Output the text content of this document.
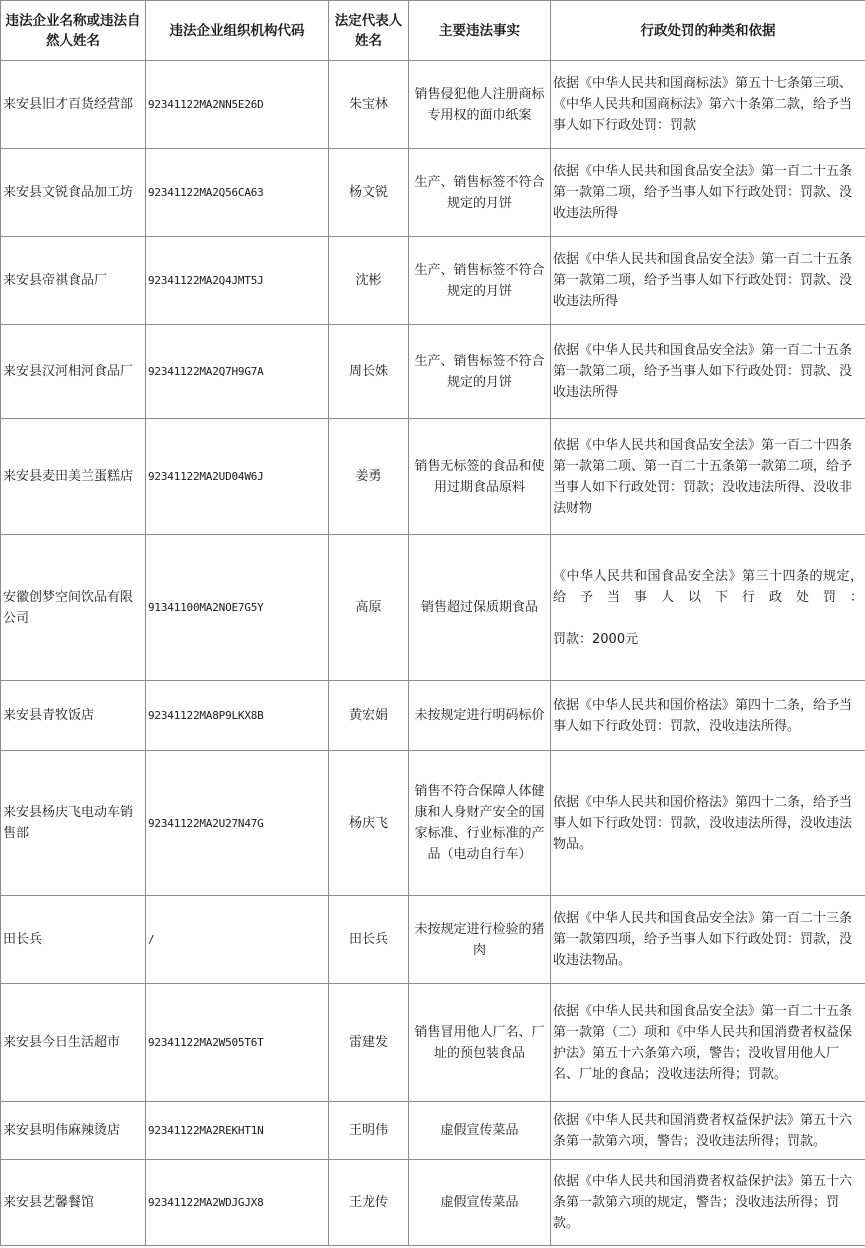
违法企业名称或违法自然人姓名	违法企业组织机构代码	法定代表人姓名	主要违法事实	行政处罚的种类和依据
来安县旧才百货经营部	92341122MA2NN5E26D	朱宝林	销售侵犯他人注册商标专用权的面巾纸案	依据《中华人民共和国商标法》第五十七条第三项、《中华人民共和国商标法》第六十条第二款，给予当事人如下行政处罚：罚款
来安县文锐食品加工坊	92341122MA2Q56CA63	杨文锐	生产、销售标签不符合规定的月饼	依据《中华人民共和国食品安全法》第一百二十五条第一款第二项，给予当事人如下行政处罚：罚款、没收违法所得
来安县帝祺食品厂	92341122MA2Q4JMT5J	沈彬	生产、销售标签不符合规定的月饼	依据《中华人民共和国食品安全法》第一百二十五条第一款第二项，给予当事人如下行政处罚：罚款、没收违法所得
来安县汉河相河食品厂	92341122MA2Q7H9G7A	周长姝	生产、销售标签不符合规定的月饼	依据《中华人民共和国食品安全法》第一百二十五条第一款第二项，给予当事人如下行政处罚：罚款、没收违法所得
来安县麦田美兰蛋糕店	92341122MA2UD04W6J	姜勇	销售无标签的食品和使用过期食品原料	依据《中华人民共和国食品安全法》第一百二十四条第一款第二项、第一百二十五条第一款第二项，给予当事人如下行政处罚：罚款；没收违法所得、没收非法财物
安徽创梦空间饮品有限公司	91341100MA2NOE7G5Y	高原	销售超过保质期食品	《中华人民共和国食品安全法》第三十四条的规定，给予当事人以下行政处罚：
罚款：2000元

来安县青牧饭店	92341122MA8P9LKX8B	黄宏娟	未按规定进行明码标价	依据《中华人民共和国价格法》第四十二条，给予当事人如下行政处罚：罚款，没收违法所得。
来安县杨庆飞电动车销售部	92341122MA2U27N47G	杨庆飞	销售不符合保障人体健康和人身财产安全的国家标准、行业标准的产品（电动自行车）	依据《中华人民共和国价格法》第四十二条，给予当事人如下行政处罚：罚款，没收违法所得，没收违法物品。
田长兵	/	田长兵	未按规定进行检验的猪肉	依据《中华人民共和国食品安全法》第一百二十三条第一款第四项，给予当事人如下行政处罚：罚款，没收违法物品。
来安县今日生活超市	92341122MA2W505T6T	雷建发	销售冒用他人厂名、厂址的预包装食品	依据《中华人民共和国食品安全法》第一百二十五条第一款第（二）项和《中华人民共和国消费者权益保护法》第五十六条第六项，警告；没收冒用他人厂名、厂址的食品；没收违法所得；罚款。
来安县明伟麻辣烫店	92341122MA2REKHT1N	王明伟	虚假宣传菜品	依据《中华人民共和国消费者权益保护法》第五十六条第一款第六项，警告；没收违法所得；罚款。
来安县艺馨餐馆	92341122MA2WDJGJX8	王龙传	虚假宣传菜品	依据《中华人民共和国消费者权益保护法》第五十六条第一款第六项的规定，警告；没收违法所得；罚款。
